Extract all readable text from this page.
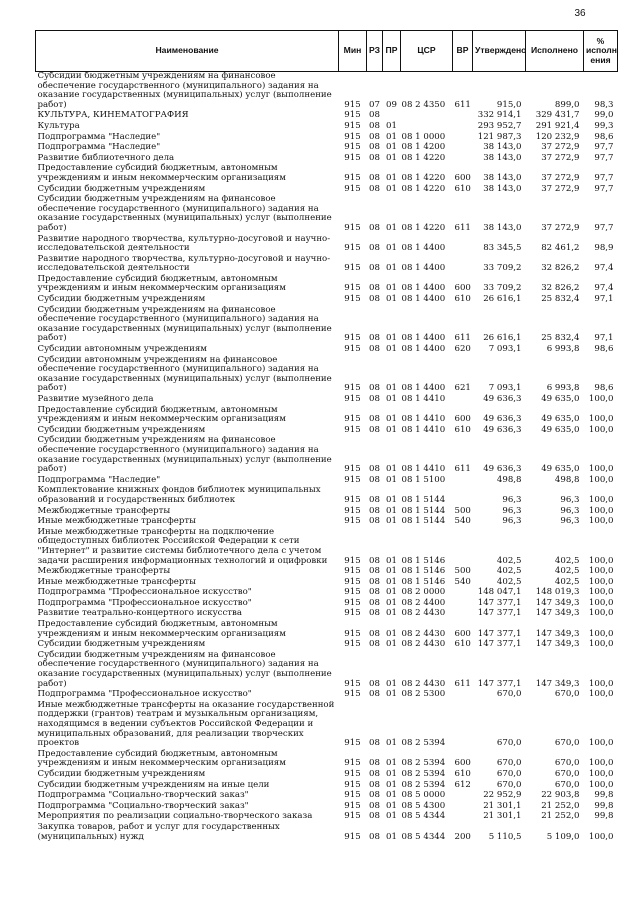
36
Наименование	Мин	РЗ	ПР	ЦСР	ВР	Утверждено	Исполнено	% исполн ения
Субсидии бюджетным учреждениям на финансовое обеспечение государственного (муниципального) задания на оказание государственных (муниципальных) услуг (выполнение работ)	915	07	09	08 2 4350	611	915,0	899,0	98,3
КУЛЬТУРА, КИНЕМАТОГРАФИЯ	915	08				332 914,1	329 431,7	99,0
Культура	915	08	01			293 952,7	291 921,4	99,3
Подпрограмма "Наследие"	915	08	01	08 1 0000		121 987,3	120 232,9	98,6
Подпрограмма "Наследие"	915	08	01	08 1 4200		38 143,0	37 272,9	97,7
Развитие библиотечного дела	915	08	01	08 1 4220		38 143,0	37 272,9	97,7
Предоставление субсидий бюджетным, автономным учреждениям и иным некоммерческим организациям	915	08	01	08 1 4220	600	38 143,0	37 272,9	97,7
Субсидии бюджетным учреждениям	915	08	01	08 1 4220	610	38 143,0	37 272,9	97,7
Субсидии бюджетным учреждениям на финансовое обеспечение государственного (муниципального) задания на оказание государственных (муниципальных) услуг (выполнение работ)	915	08	01	08 1 4220	611	38 143,0	37 272,9	97,7
Развитие народного творчества, культурно-досуговой и научно-исследовательской деятельности	915	08	01	08 1 4400		83 345,5	82 461,2	98,9
Развитие народного творчества, культурно-досуговой и научно-исследовательской деятельности	915	08	01	08 1 4400		33 709,2	32 826,2	97,4
Предоставление субсидий бюджетным, автономным учреждениям и иным некоммерческим организациям	915	08	01	08 1 4400	600	33 709,2	32 826,2	97,4
Субсидии бюджетным учреждениям	915	08	01	08 1 4400	610	26 616,1	25 832,4	97,1
Субсидии бюджетным учреждениям на финансовое обеспечение государственного (муниципального) задания на оказание государственных (муниципальных) услуг (выполнение работ)	915	08	01	08 1 4400	611	26 616,1	25 832,4	97,1
Субсидии автономным учреждениям	915	08	01	08 1 4400	620	7 093,1	6 993,8	98,6
Субсидии автономным учреждениям на финансовое обеспечение государственного (муниципального) задания на оказание государственных (муниципальных) услуг (выполнение работ)	915	08	01	08 1 4400	621	7 093,1	6 993,8	98,6
Развитие музейного дела	915	08	01	08 1 4410		49 636,3	49 635,0	100,0
Предоставление субсидий бюджетным, автономным учреждениям и иным некоммерческим организациям	915	08	01	08 1 4410	600	49 636,3	49 635,0	100,0
Субсидии бюджетным учреждениям	915	08	01	08 1 4410	610	49 636,3	49 635,0	100,0
Субсидии бюджетным учреждениям на финансовое обеспечение государственного (муниципального) задания на оказание государственных (муниципальных) услуг (выполнение работ)	915	08	01	08 1 4410	611	49 636,3	49 635,0	100,0
Подпрограмма "Наследие"	915	08	01	08 1 5100		498,8	498,8	100,0
Комплектование книжных фондов библиотек муниципальных образований и государственных библиотек	915	08	01	08 1 5144		96,3	96,3	100,0
Межбюджетные трансферты	915	08	01	08 1 5144	500	96,3	96,3	100,0
Иные межбюджетные трансферты	915	08	01	08 1 5144	540	96,3	96,3	100,0
Иные межбюджетные трансферты на подключение общедоступных библиотек Российской Федерации к сети "Интернет" и развитие системы библиотечного дела с учетом задачи расширения информационных технологий и оцифровки	915	08	01	08 1 5146		402,5	402,5	100,0
Межбюджетные трансферты	915	08	01	08 1 5146	500	402,5	402,5	100,0
Иные межбюджетные трансферты	915	08	01	08 1 5146	540	402,5	402,5	100,0
Подпрограмма "Профессиональное искусство"	915	08	01	08 2 0000		148 047,1	148 019,3	100,0
Подпрограмма "Профессиональное искусство"	915	08	01	08 2 4400		147 377,1	147 349,3	100,0
Развитие театрально-концертного искусства	915	08	01	08 2 4430		147 377,1	147 349,3	100,0
Предоставление субсидий бюджетным, автономным учреждениям и иным некоммерческим организациям	915	08	01	08 2 4430	600	147 377,1	147 349,3	100,0
Субсидии бюджетным учреждениям	915	08	01	08 2 4430	610	147 377,1	147 349,3	100,0
Субсидии бюджетным учреждениям на финансовое обеспечение государственного (муниципального) задания на оказание государственных (муниципальных) услуг (выполнение работ)	915	08	01	08 2 4430	611	147 377,1	147 349,3	100,0
Подпрограмма "Профессиональное искусство"	915	08	01	08 2 5300		670,0	670,0	100,0
Иные межбюджетные трансферты на оказание государственной поддержки (грантов) театрам и музыкальным организациям, находящимся в ведении субъектов Российской Федерации и муниципальных образований, для реализации творческих проектов	915	08	01	08 2 5394		670,0	670,0	100,0
Предоставление субсидий бюджетным, автономным учреждениям и иным некоммерческим организациям	915	08	01	08 2 5394	600	670,0	670,0	100,0
Субсидии бюджетным учреждениям	915	08	01	08 2 5394	610	670,0	670,0	100,0
Субсидии бюджетным учреждениям на иные цели	915	08	01	08 2 5394	612	670,0	670,0	100,0
Подпрограмма "Социально-творческий заказ"	915	08	01	08 5 0000		22 952,9	22 903,8	99,8
Подпрограмма "Социально-творческий заказ"	915	08	01	08 5 4300		21 301,1	21 252,0	99,8
Мероприятия по реализации социально-творческого заказа	915	08	01	08 5 4344		21 301,1	21 252,0	99,8
Закупка товаров, работ и услуг для государственных (муниципальных) нужд	915	08	01	08 5 4344	200	5 110,5	5 109,0	100,0
